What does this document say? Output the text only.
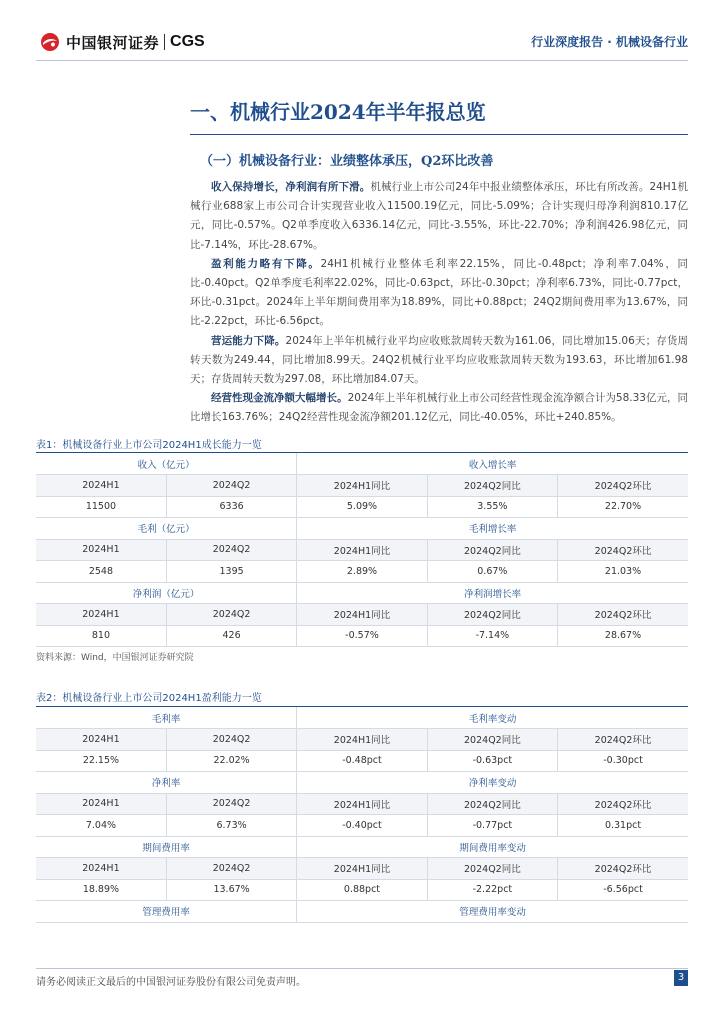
中国银河证券 CGS	行业深度报告 · 机械设备行业
一、机械行业2024年半年报总览
（一）机械设备行业：业绩整体承压，Q2环比改善

收入保持增长，净利润有所下滑。机械行业上市公司24年中报业绩整体承压，环比有所改善。24H1机械行业688家上市公司合计实现营业收入11500.19亿元，同比-5.09%；合计实现归母净利润810.17亿元，同比-0.57%。Q2单季度收入6336.14亿元，同比-3.55%，环比-22.70%；净利润426.98亿元，同比-7.14%，环比-28.67%。

盈利能力略有下降。24H1机械行业整体毛利率22.15%，同比-0.48pct；净利率7.04%，同比-0.40pct。Q2单季度毛利率22.02%，同比-0.63pct，环比-0.30pct；净利率6.73%，同比-0.77pct，环比-0.31pct。2024年上半年期间费用率为18.89%，同比+0.88pct；24Q2期间费用率为13.67%，同比-2.22pct，环比-6.56pct。

营运能力下降。2024年上半年机械行业平均应收账款周转天数为161.06，同比增加15.06天；存货周转天数为249.44，同比增加8.99天。24Q2机械行业平均应收账款周转天数为193.63，环比增加61.98天；存货周转天数为297.08，环比增加84.07天。

经营性现金流净额大幅增长。2024年上半年机械行业上市公司经营性现金流净额合计为58.33亿元，同比增长163.76%；24Q2经营性现金流净额201.12亿元，同比-40.05%，环比+240.85%。

表1：机械设备行业上市公司2024H1成长能力一览
收入（亿元）		收入增长率		
2024H1	2024Q2	2024H1同比	2024Q2同比	2024Q2环比
11500	6336	5.09%	3.55%	22.70%
毛利（亿元）		毛利增长率		
2024H1	2024Q2	2024H1同比	2024Q2同比	2024Q2环比
2548	1395	2.89%	0.67%	21.03%
净利润（亿元）		净利润增长率		
2024H1	2024Q2	2024H1同比	2024Q2同比	2024Q2环比
810	426	-0.57%	-7.14%	28.67%
资料来源：Wind，中国银河证券研究院
表2：机械设备行业上市公司2024H1盈利能力一览
毛利率		毛利率变动		
2024H1	2024Q2	2024H1同比	2024Q2同比	2024Q2环比
22.15%	22.02%	-0.48pct	-0.63pct	-0.30pct
净利率		净利率变动		
2024H1	2024Q2	2024H1同比	2024Q2同比	2024Q2环比
7.04%	6.73%	-0.40pct	-0.77pct	0.31pct
期间费用率		期间费用率变动		
2024H1	2024Q2	2024H1同比	2024Q2同比	2024Q2环比
18.89%	13.67%	0.88pct	-2.22pct	-6.56pct
管理费用率		管理费用率变动		
请务必阅读正文最后的中国银河证券股份有限公司免责声明。	3
